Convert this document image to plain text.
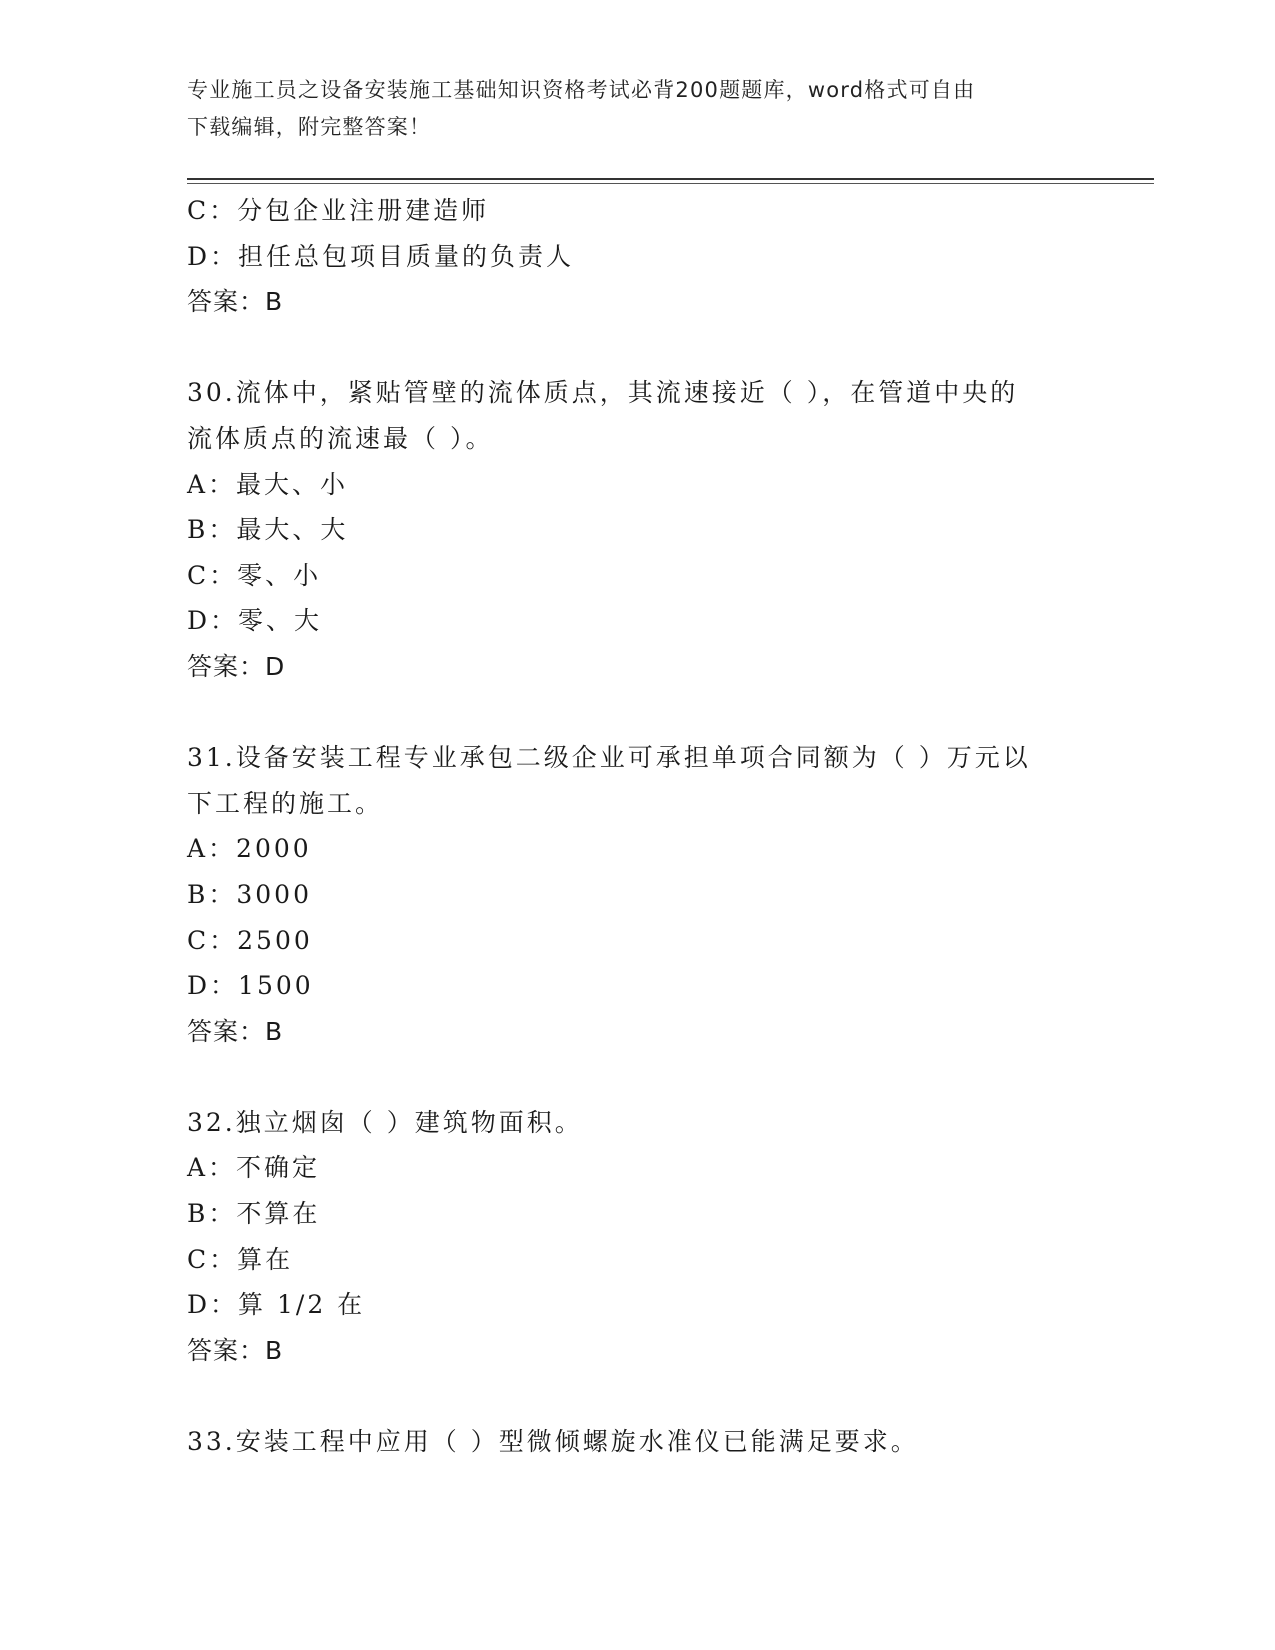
专业施工员之设备安装施工基础知识资格考试必背200题题库，word格式可自由
下载编辑，附完整答案！
C：分包企业注册建造师
D：担任总包项目质量的负责人
答案：B
30.流体中，紧贴管壁的流体质点，其流速接近（ ），在管道中央的
流体质点的流速最（ ）。
A：最大、小
B：最大、大
C：零、小
D：零、大
答案：D
31.设备安装工程专业承包二级企业可承担单项合同额为（ ）万元以
下工程的施工。
A：2000
B：3000
C：2500
D：1500
答案：B
32.独立烟囱（ ）建筑物面积。
A：不确定
B：不算在
C：算在
D：算 1/2 在
答案：B
33.安装工程中应用（ ）型微倾螺旋水准仪已能满足要求。
